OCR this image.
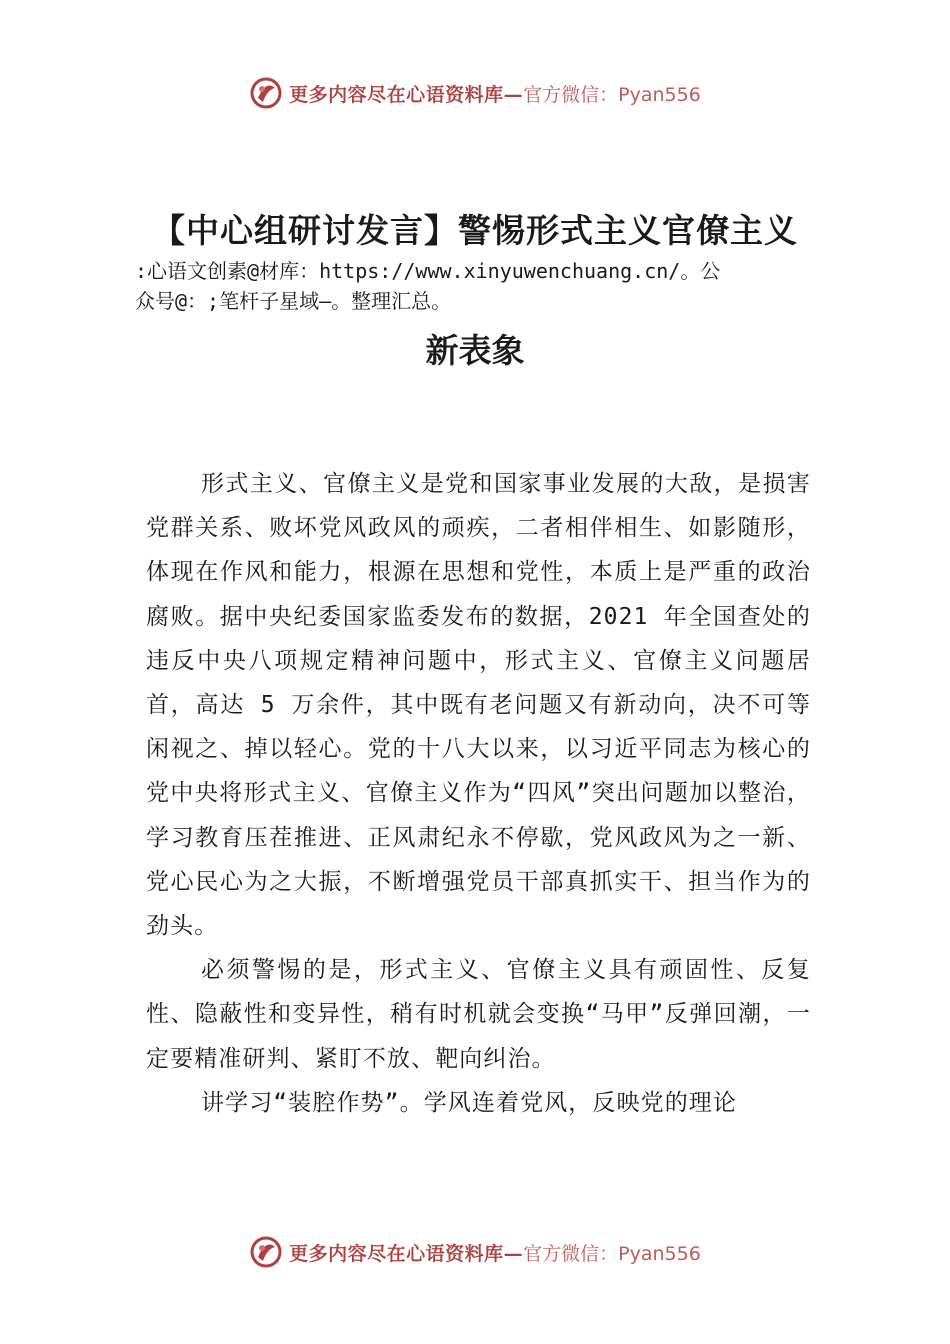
更多内容尽在心语资料库— 官方微信：Pyan556
【中心组研讨发言】警惕形式主义官僚主义
:心语文创素@材库：https://www.xinyuwenchuang.cn/。公
众号@：;笔杆子星域—。整理汇总。
新表象

形式主义、官僚主义是党和国家事业发展的大敌，是损害党群关系、败坏党风政风的顽疾，二者相伴相生、如影随形，体现在作风和能力，根源在思想和党性，本质上是严重的政治腐败。据中央纪委国家监委发布的数据，2021 年全国查处的违反中央八项规定精神问题中，形式主义、官僚主义问题居首，高达 5 万余件，其中既有老问题又有新动向，决不可等闲视之、掉以轻心。党的十八大以来，以习近平同志为核心的党中央将形式主义、官僚主义作为“四风”突出问题加以整治，学习教育压茬推进、正风肃纪永不停歇，党风政风为之一新、党心民心为之大振，不断增强党员干部真抓实干、担当作为的劲头。

必须警惕的是，形式主义、官僚主义具有顽固性、反复性、隐蔽性和变异性，稍有时机就会变换“马甲”反弹回潮，一定要精准研判、紧盯不放、靶向纠治。

讲学习“装腔作势”。学风连着党风，反映党的理论

更多内容尽在心语资料库— 官方微信：Pyan556
